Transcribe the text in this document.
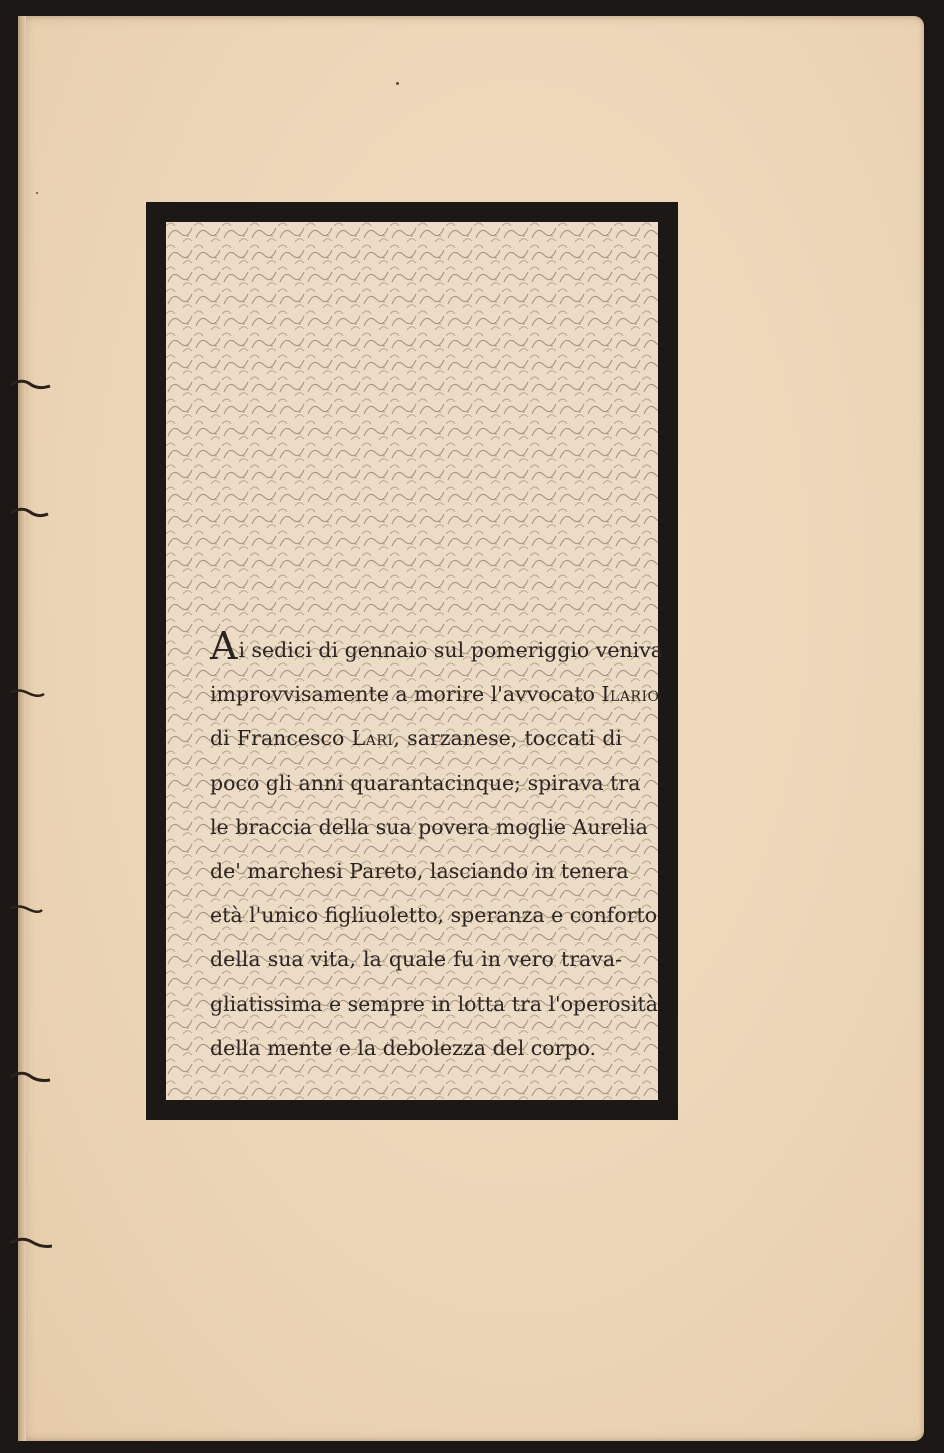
Ai sedici di gennaio sul pomeriggio veniva
improvvisamente a morire l'avvocato Ilario
di Francesco Lari, sarzanese, toccati di
poco gli anni quarantacinque; spirava tra
le braccia della sua povera moglie Aurelia
de' marchesi Pareto, lasciando in tenera
età l'unico figliuoletto, speranza e conforto
della sua vita, la quale fu in vero trava-
gliatissima e sempre in lotta tra l'operosità
della mente e la debolezza del corpo.
